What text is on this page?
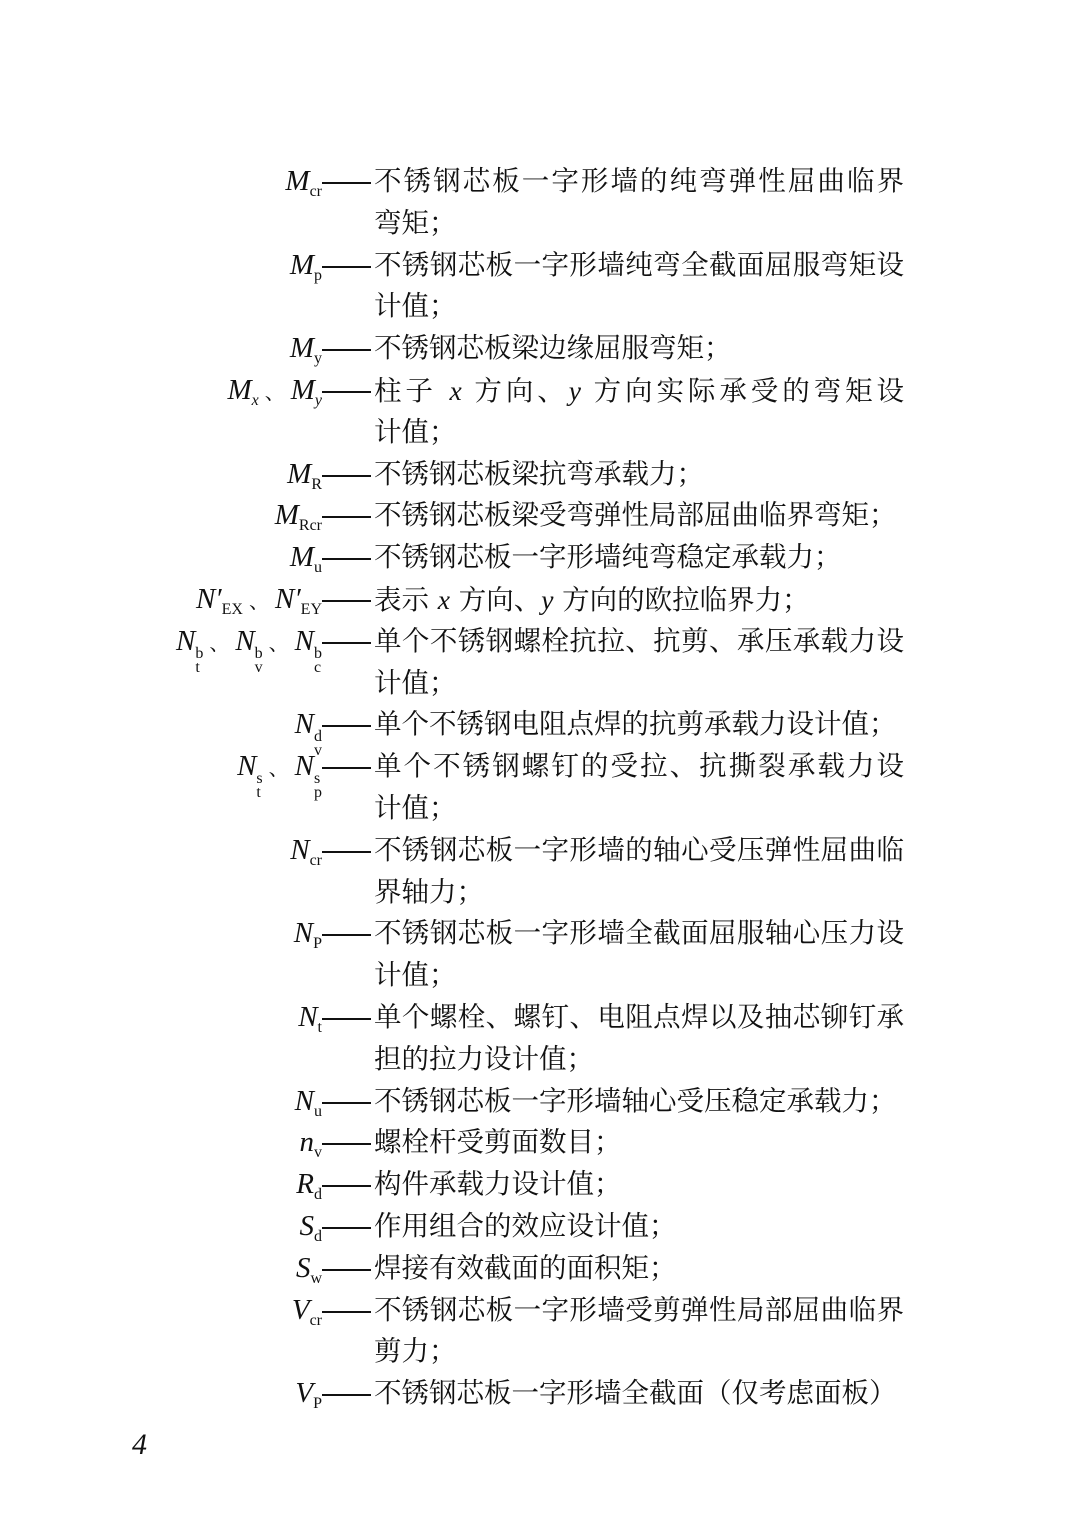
$M_{cr}$ 不锈钢芯板一字形墙的纯弯弹性屈曲临界
弯矩；
$M_p$ 不锈钢芯板一字形墙纯弯全截面屈服弯矩设
计值；
$M_y$ 不锈钢芯板梁边缘屈服弯矩；
$M_x$ 、 $M_y$ 柱子 x 方向、y 方向实际承受的弯矩设
计值；
$M_R$ 不锈钢芯板梁抗弯承载力；
$M_{Rcr}$ 不锈钢芯板梁受弯弹性局部屈曲临界弯矩；
$M_u$ 不锈钢芯板一字形墙纯弯稳定承载力；
$N'_{EX}$ 、 $N'_{EY}$ 表示 x 方向、y 方向的欧拉临界力；
N b
t
、 N b
v
、 N b
c
单个不锈钢螺栓抗拉、抗剪、承压承载力设
计值；
N d
v
单个不锈钢电阻点焊的抗剪承载力设计值；
N s
t
、 N s
p
单个不锈钢螺钉的受拉、抗撕裂承载力设
计值；
$N_{cr}$ 不锈钢芯板一字形墙的轴心受压弹性屈曲临
界轴力；
$N_P$ 不锈钢芯板一字形墙全截面屈服轴心压力设
计值；
$N_t$ 单个螺栓、螺钉、电阻点焊以及抽芯铆钉承
担的拉力设计值；
$N_u$ 不锈钢芯板一字形墙轴心受压稳定承载力；
$n_v$ 螺栓杆受剪面数目；
$R_d$ 构件承载力设计值；
$S_d$ 作用组合的效应设计值；
$S_w$ 焊接有效截面的面积矩；
$V_{cr}$ 不锈钢芯板一字形墙受剪弹性局部屈曲临界
剪力；
$V_P$ 不锈钢芯板一字形墙全截面（仅考虑面板）
4
